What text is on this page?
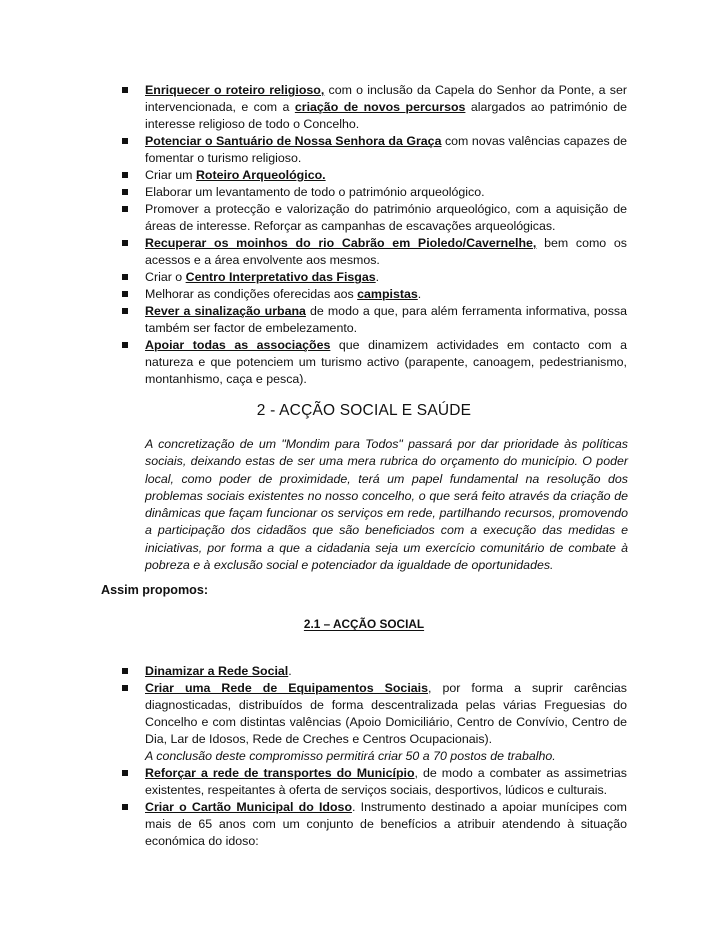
Enriquecer o roteiro religioso, com o inclusão da Capela do Senhor da Ponte, a ser intervencionada, e com a criação de novos percursos alargados ao património de interesse religioso de todo o Concelho.
Potenciar o Santuário de Nossa Senhora da Graça com novas valências capazes de fomentar o turismo religioso.
Criar um Roteiro Arqueológico.
Elaborar um levantamento de todo o património arqueológico.
Promover a protecção e valorização do património arqueológico, com a aquisição de áreas de interesse. Reforçar as campanhas de escavações arqueológicas.
Recuperar os moinhos do rio Cabrão em Pioledo/Cavernelhe, bem como os acessos e a área envolvente aos mesmos.
Criar o Centro Interpretativo das Fisgas.
Melhorar as condições oferecidas aos campistas.
Rever a sinalização urbana de modo a que, para além ferramenta informativa, possa também ser factor de embelezamento.
Apoiar todas as associações que dinamizem actividades em contacto com a natureza e que potenciem um turismo activo (parapente, canoagem, pedestrianismo, montanhismo, caça e pesca).
2 - ACÇÃO SOCIAL E SAÚDE
A concretização de um "Mondim para Todos" passará por dar prioridade às políticas sociais, deixando estas de ser uma mera rubrica do orçamento do município. O poder local, como poder de proximidade, terá um papel fundamental na resolução dos problemas sociais existentes no nosso concelho, o que será feito através da criação de dinâmicas que façam funcionar os serviços em rede, partilhando recursos, promovendo a participação dos cidadãos que são beneficiados com a execução das medidas e iniciativas, por forma a que a cidadania seja um exercício comunitário de combate à pobreza e à exclusão social e potenciador da igualdade de oportunidades.
Assim propomos:
2.1 – ACÇÃO SOCIAL
Dinamizar a Rede Social.
Criar uma Rede de Equipamentos Sociais, por forma a suprir carências diagnosticadas, distribuídos de forma descentralizada pelas várias Freguesias do Concelho e com distintas valências (Apoio Domiciliário, Centro de Convívio, Centro de Dia, Lar de Idosos, Rede de Creches e Centros Ocupacionais).
A conclusão deste compromisso permitirá criar 50 a 70 postos de trabalho.
Reforçar a rede de transportes do Município, de modo a combater as assimetrias existentes, respeitantes à oferta de serviços sociais, desportivos, lúdicos e culturais.
Criar o Cartão Municipal do Idoso. Instrumento destinado a apoiar munícipes com mais de 65 anos com um conjunto de benefícios a atribuir atendendo à situação económica do idoso:
